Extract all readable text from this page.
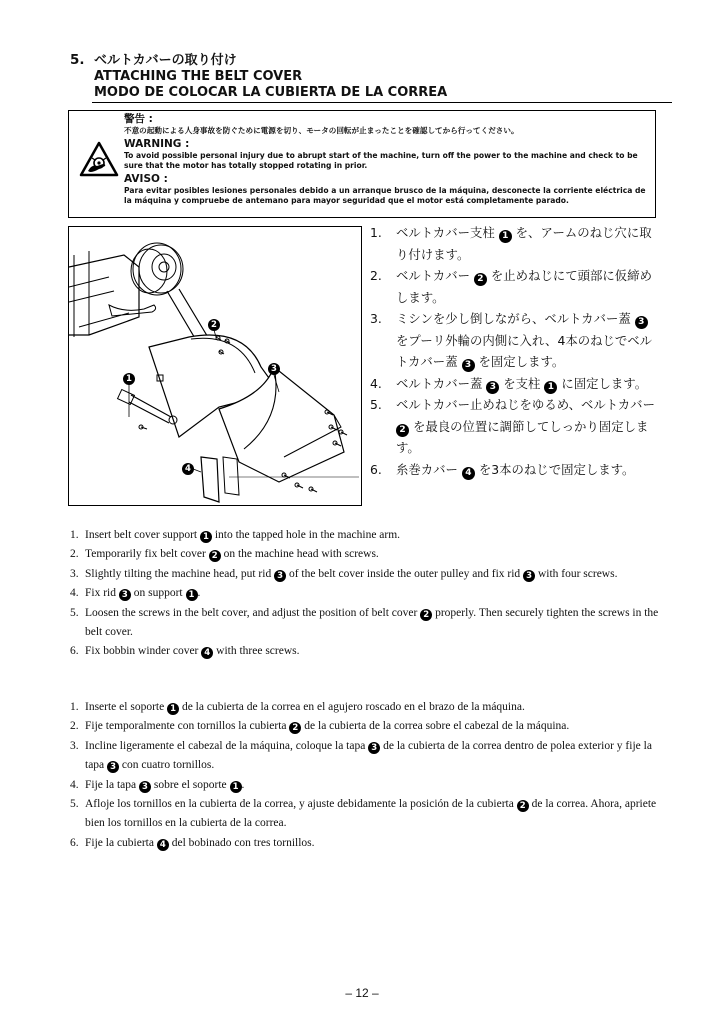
5. ベルトカバーの取り付け
ATTACHING THE BELT COVER
MODO DE COLOCAR LA CUBIERTA DE LA CORREA
警告 :
不意の起動による人身事故を防ぐために電源を切り、モータの回転が止まったことを確認してから行ってください。
WARNING :
To avoid possible personal injury due to abrupt start of the machine, turn off the power to the machine and check to be sure that the motor has totally stopped rotating in prior.
AVISO :
Para evitar posibles lesiones personales debido a un arranque brusco de la máquina, desconecte la corriente eléctrica de la máquina y compruebe de antemano para mayor seguridad que el motor está completamente parado.
1
2
3
4
1. ベルトカバー支柱 1 を、アームのねじ穴に取り付けます。
2. ベルトカバー 2 を止めねじにて頭部に仮締めします。
3. ミシンを少し倒しながら、ベルトカバー蓋 3 をプーリ外輪の内側に入れ、4本のねじでベルトカバー蓋 3 を固定します。
4. ベルトカバー蓋 3 を支柱 1 に固定します。
5. ベルトカバー止めねじをゆるめ、ベルトカバー 2 を最良の位置に調節してしっかり固定します。
6. 糸巻カバー 4 を3本のねじで固定します。
1. Insert belt cover support 1 into the tapped hole in the machine arm.
2. Temporarily fix belt cover 2 on the machine head with screws.
3. Slightly tilting the machine head, put rid 3 of the belt cover inside the outer pulley and fix rid 3 with four screws.
4. Fix rid 3 on support 1 .
5. Loosen the screws in the belt cover, and adjust the position of belt cover 2 properly. Then securely tighten the screws in the belt cover.
6. Fix bobbin winder cover 4 with three screws.
1. Inserte el soporte 1 de la cubierta de la correa en el agujero roscado en el brazo de la máquina.
2. Fije temporalmente con tornillos la cubierta 2 de la cubierta de la correa sobre el cabezal de la máquina.
3. Incline ligeramente el cabezal de la máquina, coloque la tapa 3 de la cubierta de la correa dentro de polea exterior y fije la tapa 3 con cuatro tornillos.
4. Fije la tapa 3 sobre el soporte 1 .
5. Afloje los tornillos en la cubierta de la correa, y ajuste debidamente la posición de la cubierta 2 de la correa. Ahora, apriete bien los tornillos en la cubierta de la correa.
6. Fije la cubierta 4 del bobinado con tres tornillos.
– 12 –
